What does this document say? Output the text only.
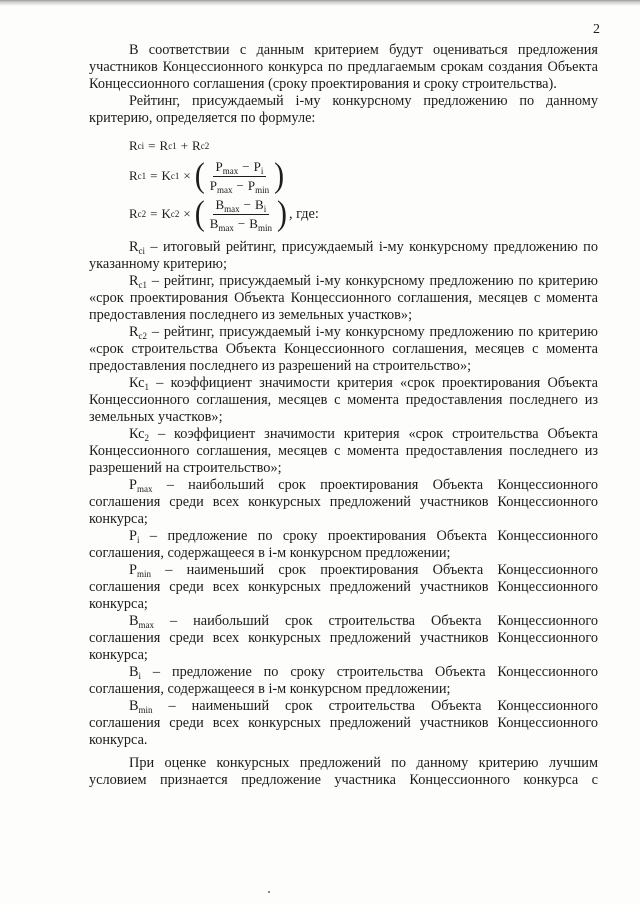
2

В соответствии с данным критерием будут оцениваться предложения участников Концессионного конкурса по предлагаемым срокам создания Объекта Концессионного соглашения (сроку проектирования и сроку строительства).

Рейтинг, присуждаемый i-му конкурсному предложению по данному критерию, определяется по формуле:

R ci = R c1 + R c2
R c1 = K c1 × ( $\frac{P_{max} - P_i}{P_{max} - P_{min}}$ )
R c2 = K c2 × ( $\frac{B_{max} - B_i}{B_{max} - B_{min}}$ ) , где:

$R_{ci}$ – итоговый рейтинг, присуждаемый i-му конкурсному предложению по указанному критерию;

$R_{c1}$ – рейтинг, присуждаемый i-му конкурсному предложению по критерию «срок проектирования Объекта Концессионного соглашения, месяцев с момента предоставления последнего из земельных участков»;

$R_{c2}$ – рейтинг, присуждаемый i-му конкурсному предложению по критерию «срок строительства Объекта Концессионного соглашения, месяцев с момента предоставления последнего из разрешений на строительство»;

$Кс_1$ – коэффициент значимости критерия «срок проектирования Объекта Концессионного соглашения, месяцев с момента предоставления последнего из земельных участков»;

$Кс_2$ – коэффициент значимости критерия «срок строительства Объекта Концессионного соглашения, месяцев с момента предоставления последнего из разрешений на строительство»;

$P_{max}$ – наибольший срок проектирования Объекта Концессионного соглашения среди всех конкурсных предложений участников Концессионного конкурса;

$P_i$ – предложение по сроку проектирования Объекта Концессионного соглашения, содержащееся в i-м конкурсном предложении;

$P_{min}$ – наименьший срок проектирования Объекта Концессионного соглашения среди всех конкурсных предложений участников Концессионного конкурса;

$B_{max}$ – наибольший срок строительства Объекта Концессионного соглашения среди всех конкурсных предложений участников Концессионного конкурса;

$B_i$ – предложение по сроку строительства Объекта Концессионного соглашения, содержащееся в i-м конкурсном предложении;

$B_{min}$ – наименьший срок строительства Объекта Концессионного соглашения среди всех конкурсных предложений участников Концессионного конкурса.

При оценке конкурсных предложений по данному критерию лучшим условием признается предложение участника Концессионного конкурса с
